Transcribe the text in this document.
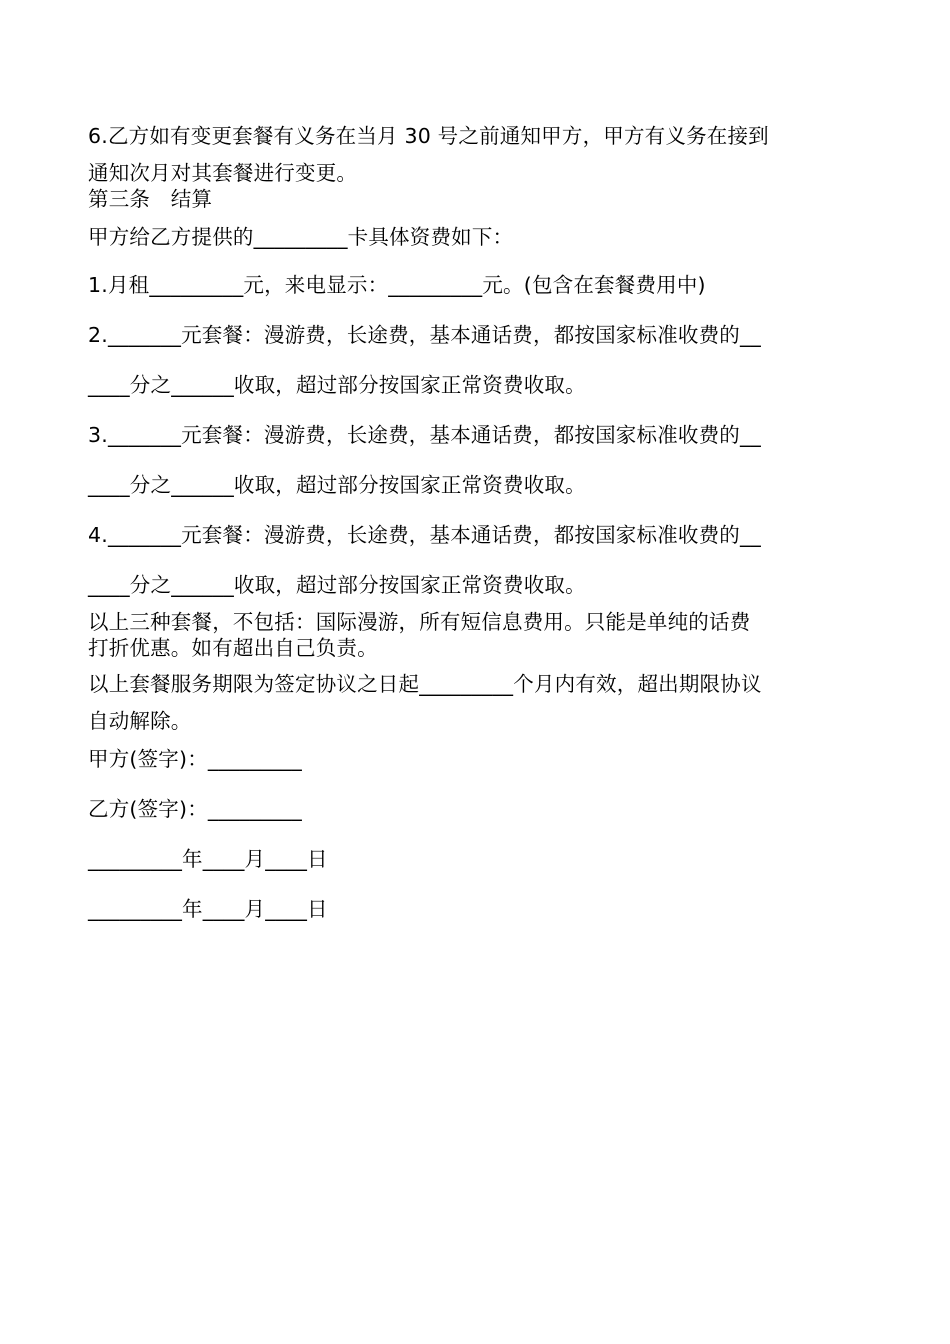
6.乙方如有变更套餐有义务在当月 30 号之前通知甲方，甲方有义务在接到
通知次月对其套餐进行变更。
第三条　结算
甲方给乙方提供的_________卡具体资费如下：
1.月租_________元，来电显示：_________元。(包含在套餐费用中)
2._______元套餐：漫游费，长途费，基本通话费，都按国家标准收费的__
____分之______收取，超过部分按国家正常资费收取。
3._______元套餐：漫游费，长途费，基本通话费，都按国家标准收费的__
____分之______收取，超过部分按国家正常资费收取。
4._______元套餐：漫游费，长途费，基本通话费，都按国家标准收费的__
____分之______收取，超过部分按国家正常资费收取。
以上三种套餐，不包括：国际漫游，所有短信息费用。只能是单纯的话费
打折优惠。如有超出自己负责。
以上套餐服务期限为签定协议之日起_________个月内有效，超出期限协议
自动解除。
甲方(签字)：_________
乙方(签字)：_________
_________年____月____日
_________年____月____日
